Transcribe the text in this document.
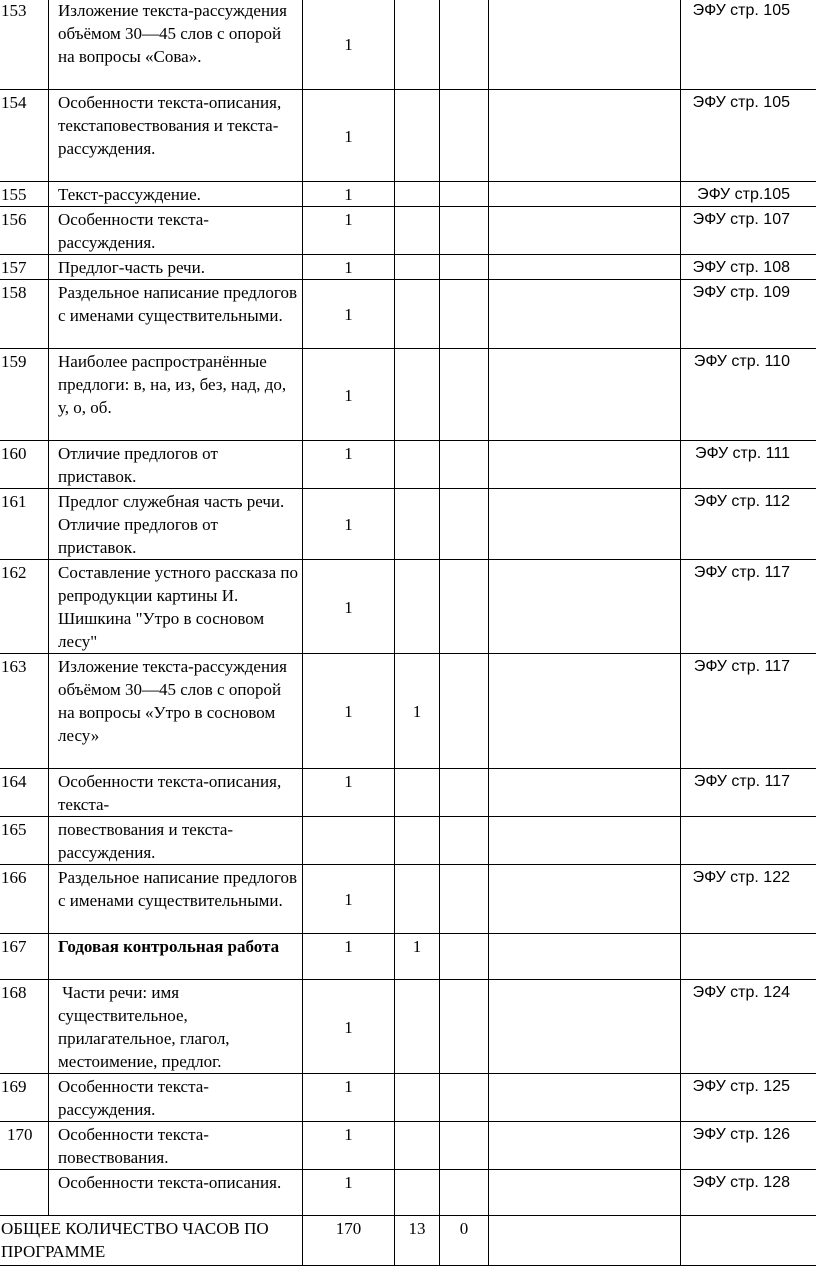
153	Изложение текста-рассуждения объёмом 30—45 слов с опорой на вопросы «Сова».	1				ЭФУ стр. 105
154	Особенности текста-описания, текстаповествования и текста-рассуждения.	1				ЭФУ стр. 105
155	Текст-рассуждение.	1				ЭФУ стр.105
156	Особенности текста-рассуждения.	1				ЭФУ стр. 107
157	Предлог-часть речи.	1				ЭФУ стр. 108
158	Раздельное написание предлогов с именами существительными.	1				ЭФУ стр. 109
159	Наиболее распространённые предлоги: в, на, из, без, над, до, у, о, об.	1				ЭФУ стр. 110
160	Отличие предлогов от приставок.	1				ЭФУ стр. 111
161	Предлог служебная часть речи. Отличие предлогов от приставок.	1				ЭФУ стр. 112
162	Составление устного рассказа по репродукции картины И. Шишкина "Утро в сосновом лесу"	1				ЭФУ стр. 117
163	Изложение текста-рассуждения объёмом 30—45 слов с опорой на вопросы «Утро в сосновом лесу»	1	1			ЭФУ стр. 117
164	Особенности текста-описания, текста-	1				ЭФУ стр. 117
165	повествования и текста-рассуждения.					
166	Раздельное написание предлогов с именами существительными.	1				ЭФУ стр. 122
167	Годовая контрольная работа	1	1			
168	Части речи: имя существительное, прилагательное, глагол, местоимение, предлог.	1				ЭФУ стр. 124
169	Особенности текста-рассуждения.	1				ЭФУ стр. 125
170	Особенности текста-повествования.	1				ЭФУ стр. 126
	Особенности текста-описания.	1				ЭФУ стр. 128
ОБЩЕЕ КОЛИЧЕСТВО ЧАСОВ ПО ПРОГРАММЕ		170	13	0		
